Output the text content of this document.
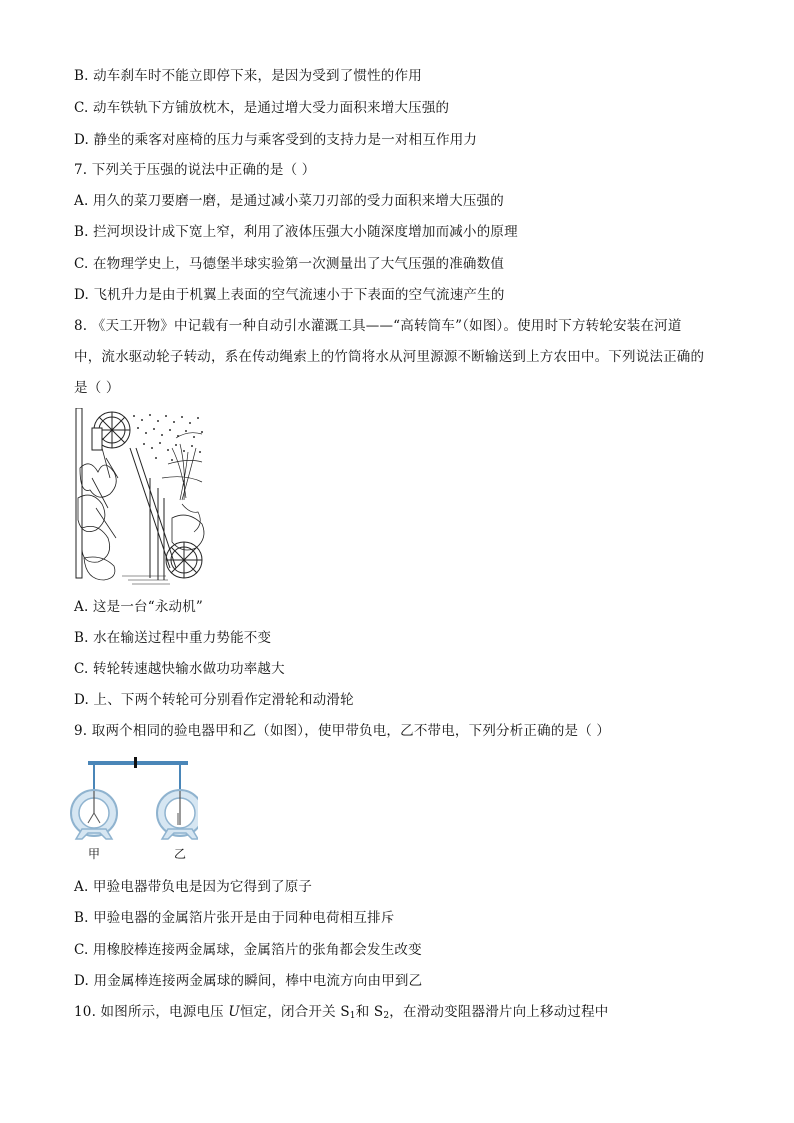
B. 动车刹车时不能立即停下来，是因为受到了惯性的作用
C. 动车铁轨下方铺放枕木，是通过增大受力面积来增大压强的
D. 静坐的乘客对座椅的压力与乘客受到的支持力是一对相互作用力
7. 下列关于压强的说法中正确的是（ ）
A. 用久的菜刀要磨一磨，是通过减小菜刀刃部的受力面积来增大压强的
B. 拦河坝设计成下宽上窄，利用了液体压强大小随深度增加而减小的原理
C. 在物理学史上，马德堡半球实验第一次测量出了大气压强的准确数值
D. 飞机升力是由于机翼上表面的空气流速小于下表面的空气流速产生的
8. 《天工开物》中记载有一种自动引水灌溉工具——“高转筒车”（如图）。使用时下方转轮安装在河道
中，流水驱动轮子转动，系在传动绳索上的竹筒将水从河里源源不断输送到上方农田中。下列说法正确的
是（ ）
A. 这是一台“永动机”
B. 水在输送过程中重力势能不变
C. 转轮转速越快输水做功功率越大
D. 上、下两个转轮可分别看作定滑轮和动滑轮
9. 取两个相同的验电器甲和乙（如图），使甲带负电，乙不带电，下列分析正确的是（ ）
甲	乙
A. 甲验电器带负电是因为它得到了原子
B. 甲验电器的金属箔片张开是由于同种电荷相互排斥
C. 用橡胶棒连接两金属球，金属箔片的张角都会发生改变
D. 用金属棒连接两金属球的瞬间，棒中电流方向由甲到乙
10. 如图所示，电源电压 U恒定，闭合开关 $S_1$和 $S_2$，在滑动变阻器滑片向上移动过程中
